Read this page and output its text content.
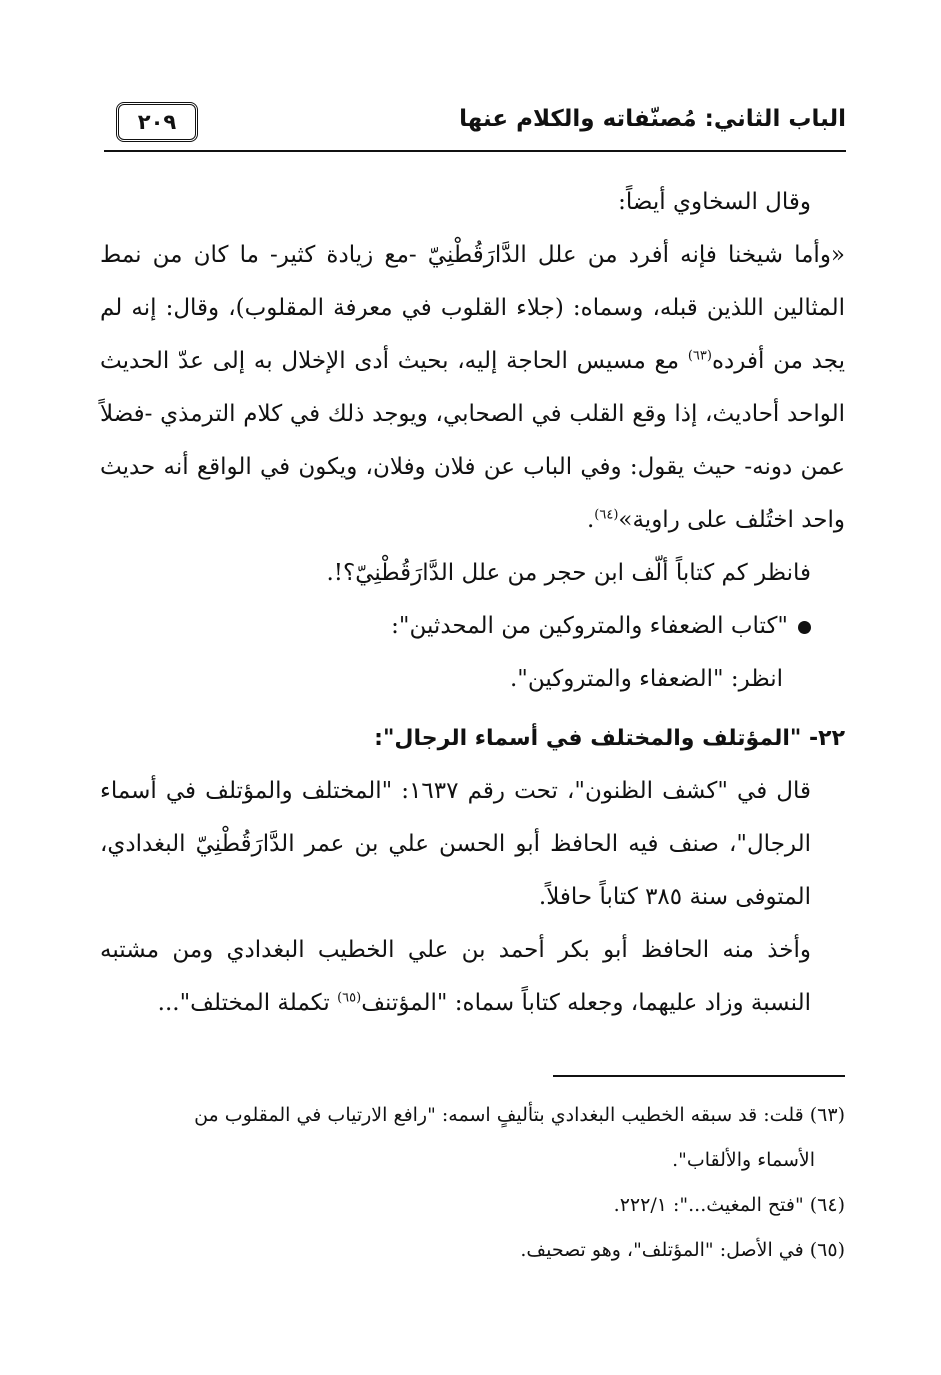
الباب الثاني: مُصنّفاته والكلام عنها
٢٠٩

وقال السخاوي أيضاً:

«وأما شيخنا فإنه أفرد من علل الدَّارَقُطْنِيّ -مع زيادة كثير- ما كان من نمط المثالين اللذين قبله، وسماه: (جلاء القلوب في معرفة المقلوب)، وقال: إنه لم يجد من أفرده$^{(٦٣)}$ مع مسيس الحاجة إليه، بحيث أدى الإخلال به إلى عدّ الحديث الواحد أحاديث، إذا وقع القلب في الصحابي، ويوجد ذلك في كلام الترمذي -فضلاً عمن دونه- حيث يقول: وفي الباب عن فلان وفلان، ويكون في الواقع أنه حديث واحد اختُلف على راوية»$^{(٦٤)}$.

فانظر كم كتاباً ألّف ابن حجر من علل الدَّارَقُطْنِيّ؟!.

"كتاب الضعفاء والمتروكين من المحدثين":

انظر: "الضعفاء والمتروكين".

٢٢- "المؤتلف والمختلف في أسماء الرجال":

قال في "كشف الظنون"، تحت رقم ١٦٣٧: "المختلف والمؤتلف في أسماء الرجال"، صنف فيه الحافظ أبو الحسن علي بن عمر الدَّارَقُطْنِيّ البغدادي، المتوفى سنة ٣٨٥ كتاباً حافلاً.

وأخذ منه الحافظ أبو بكر أحمد بن علي الخطيب البغدادي ومن مشتبه النسبة وزاد عليهما، وجعله كتاباً سماه: "المؤتنف$^{(٦٥)}$ تكملة المختلف"...

(٦٣) قلت: قد سبقه الخطيب البغدادي بتأليفٍ اسمه: "رافع الارتياب في المقلوب من

الأسماء والألقاب".

(٦٤) "فتح المغيث...": ٢٢٢/١.

(٦٥) في الأصل: "المؤتلف"، وهو تصحيف.
